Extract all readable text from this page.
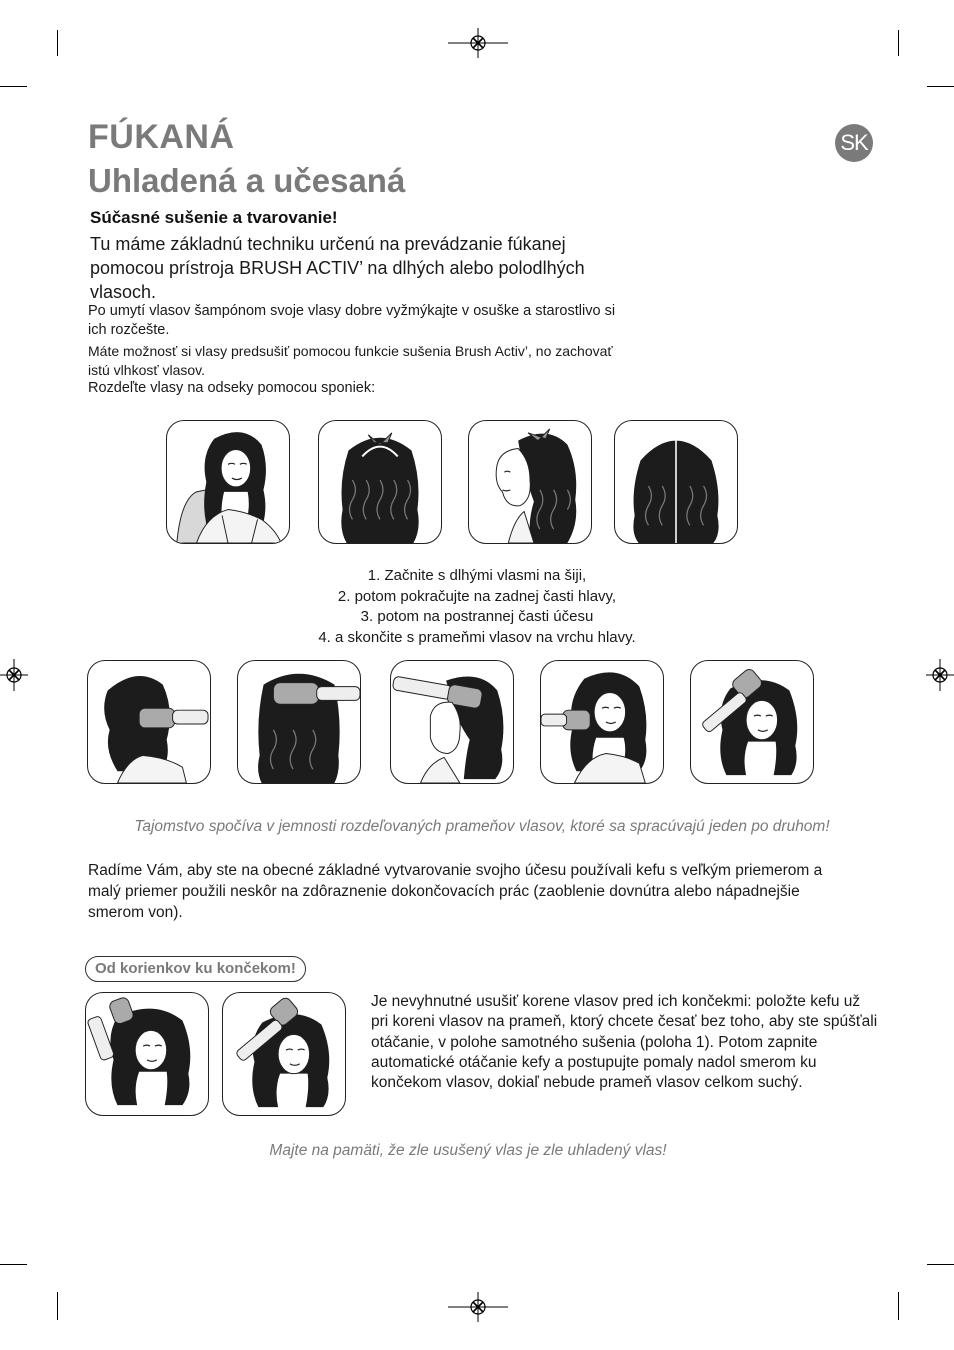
FÚKANÁ
Uhladená a učesaná
SK
Súčasné sušenie a tvarovanie!
Tu máme základnú techniku určenú na prevádzanie fúkanej pomocou prístroja BRUSH ACTIV’ na dlhých alebo polodlhých vlasoch.
Po umytí vlasov šampónom svoje vlasy dobre vyžmýkajte v osuške a starostlivo si ich rozčešte.
Máte možnosť si vlasy predsušiť pomocou funkcie sušenia Brush Activ’, no zachovať istú vlhkosť vlasov.
Rozdeľte vlasy na odseky pomocou sponiek:
1. Začnite s dlhými vlasmi na šiji,
2. potom pokračujte na zadnej časti hlavy,
3. potom na postrannej časti účesu
4. a skončite s prameňmi vlasov na vrchu hlavy.
Tajomstvo spočíva v jemnosti rozdeľovaných prameňov vlasov, ktoré sa spracúvajú jeden po druhom!
Radíme Vám, aby ste na obecné základné vytvarovanie svojho účesu používali kefu s veľkým priemerom a malý priemer použili neskôr na zdôraznenie dokončovacích prác (zaoblenie dovnútra alebo nápadnejšie smerom von).
Od korienkov ku končekom!
Je nevyhnutné usušiť korene vlasov pred ich končekmi: položte kefu už pri koreni vlasov na prameň, ktorý chcete česať bez toho, aby ste spúšťali otáčanie, v polohe samotného sušenia (poloha 1). Potom zapnite automatické otáčanie kefy a postupujte pomaly nadol smerom ku končekom vlasov, dokiaľ nebude prameň vlasov celkom suchý.
Majte na pamäti, že zle usušený vlas je zle uhladený vlas!
